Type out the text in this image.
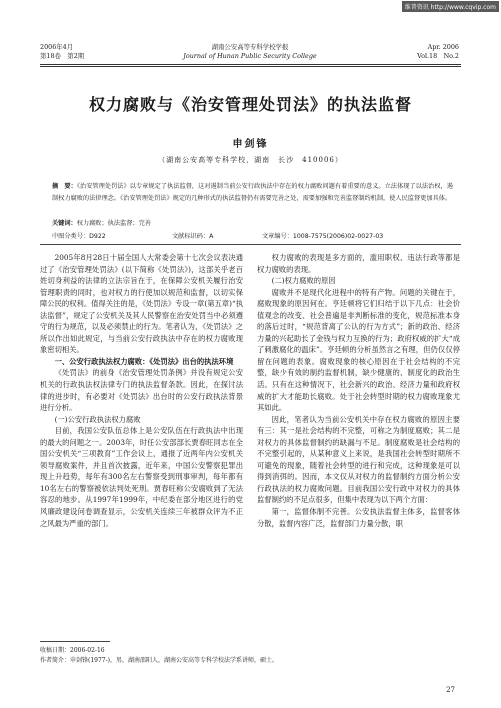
维普资讯 http://www.cqvip.com
2006年4月
第18卷　第2期
湖南公安高等专科学校学报
Journal of Hunan Public Security College
Apr. 2006
Vol.18　No.2
权力腐败与《治安管理处罚法》的执法监督
申剑锋
（湖南公安高等专科学校，湖南　长沙　410006）
摘　要：《治安管理处罚法》以专章规定了执法监督，这对遏制当前公安行政执法中存在的权力腐败问题有着重要的意义。立法体现了以法治权，遏制权力腐败的法律理念。《治安管理处罚法》规定的几种形式的执法监督仍有需要完善之处，需要加强和完善监督制约机制，使人民监督更加具体。
关键词：权力腐败；执法监督；完善
中图分类号：D922	文献标识码：A	文章编号：1008-7575(2006)02-0027-03

2005年8月28日十届全国人大常委会第十七次会议表决通过了《治安管理处罚法》(以下简称《处罚法》)，这部关乎老百姓切身利益的法律的立法宗旨在于，在保障公安机关履行治安管理职责的同时，也对权力的行使加以规范和监督，以切实保障公民的权利。值得关注的是，《处罚法》专设一章(第五章)“执法监督”，规定了公安机关及其人民警察在治安处罚当中必须遵守的行为规范，以及必须禁止的行为。笔者认为，《处罚法》之所以作出如此规定，与当前公安行政执法中存在的权力腐败现象密切相关。

一、公安行政执法权力腐败：《处罚法》出台的执法环境

《处罚法》的前身《治安管理处罚条例》并没有规定公安机关的行政执法权法律专门的执法监督条款。因此，在探讨法律的进步时，有必要对《处罚法》出台时的公安行政执法背景进行分析。

(一)公安行政执法权力腐败

目前，我国公安队伍总体上是公安队伍在行政执法中出现的最大的问题之一。2003年，时任公安部部长贾春旺同志在全国公安机关“三项教育”工作会议上，通报了近两年内公安机关领导腐败案件，并且首次披露，近年来，中国公安警察犯罪出现上升趋势，每年有300名左右警察受到刑事审判，每年都有10名左右的警察被依法判处死刑。贾春旺称公安腐败到了无法容忍的地步。从1997年1999年，中纪委在部分地区进行的党风廉政建设问卷调查显示，公安机关连续三年被群众评为不正之风最为严重的部门。

权力腐败的表现是多方面的，滥用职权、违法行政等都是权力腐败的表现。

(二)权力腐败的原因

腐败并不是现代化进程中的特有产物。问题的关键在于，腐败现象的原因何在。亨廷顿将它们归结于以下几点：社会价值观念的改变、社会普遍是非判断标准的变化，规范标准本身的落后过时，“规范背离了公认的行为方式”；新的政治、经济力量的兴起助长了金钱与权力互换的行为；政府权威的扩大“成了刺激腐化的温床”。亨廷顿的分析虽然言之有理，但仍仅仅停留在问题的表象。腐败现象的核心原因在于社会结构的不完整，缺少有效的制约监督机制，缺少健康的、制度化的政治生活。只有在这种情况下，社会新兴的政治、经济力量和政府权威的扩大才能助长腐败。处于社会转型时期的权力腐败现象尤其如此。

因此，笔者认为当前公安机关中存在权力腐败的原因主要有三：其一是社会结构的不完整，可称之为制度腐败；其二是对权力的具体监督制约的缺漏与不足。制度腐败是社会结构的不完整引起的，从某种意义上来说，是我国社会转型时期所不可避免的现象，随着社会转型的进行和完成，这种现象是可以得到消弭的。因而，本文仅从对权力的监督制约方面分析公安行政执法的权力腐败问题。目前我国公安行政中对权力的具体监督制约的不足点很多，但集中表现为以下两个方面：

第一，监督体制不完善。公安执法监督主体多，监督客体分散，监督内容广泛，监督部门力量分散，职

收稿日期：2006-02-16
作者简介：申剑锋(1977-)，男，湖南邵阳人，湖南公安高等专科学校法学系讲师，硕士。
27
